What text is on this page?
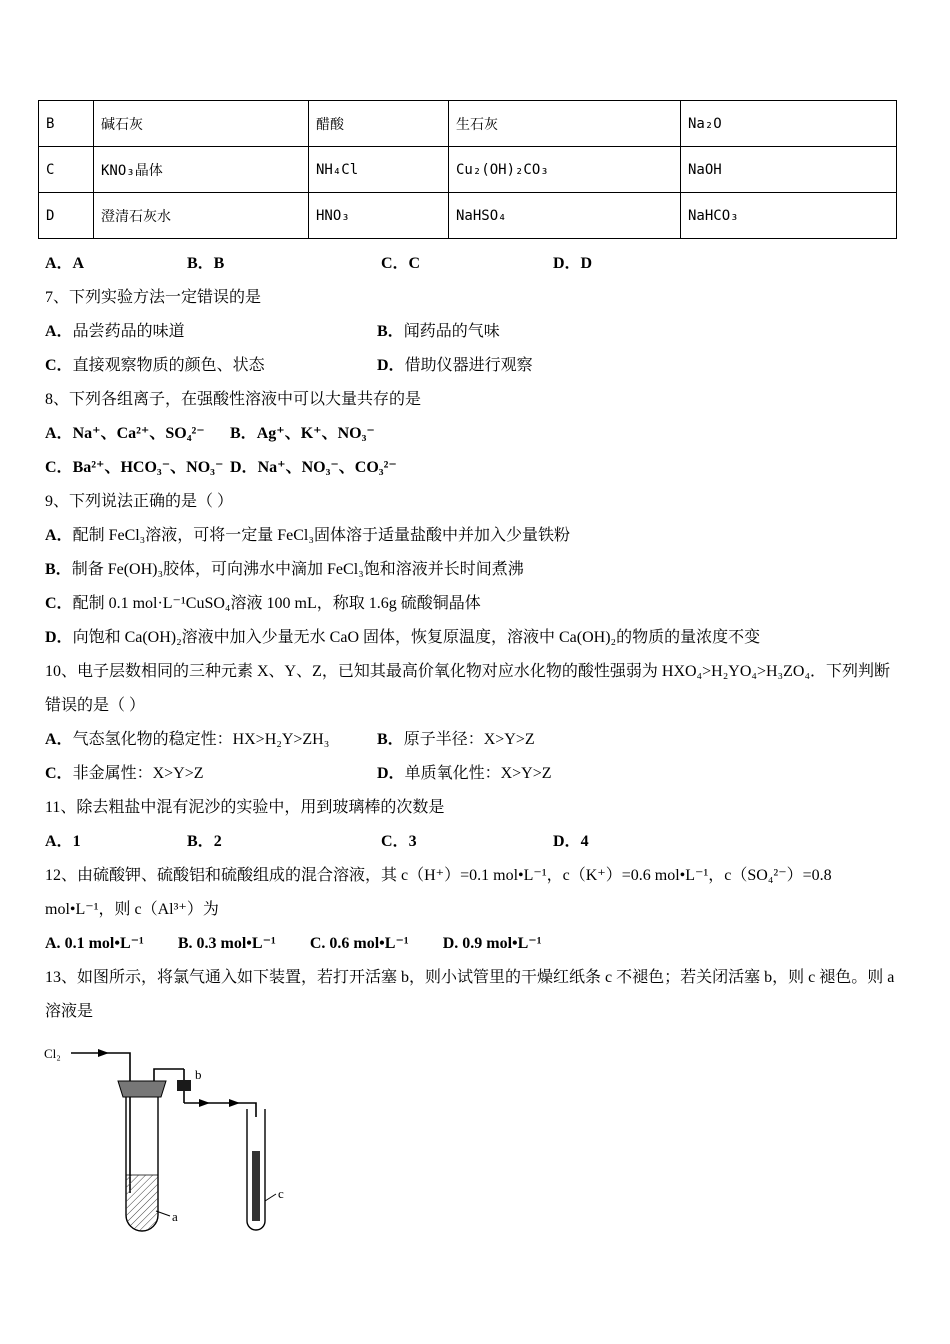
B	碱石灰	醋酸	生石灰	Na₂O
C	KNO₃晶体	NH₄Cl	Cu₂(OH)₂CO₃	NaOH
D	澄清石灰水	HNO₃	NaHSO₄	NaHCO₃
A．A	B．B	C．C	D．D
7、下列实验方法一定错误的是
A．品尝药品的味道	B．闻药品的气味
C．直接观察物质的颜色、状态	D．借助仪器进行观察
8、下列各组离子，在强酸性溶液中可以大量共存的是
A．Na⁺、Ca²⁺、SO₄²⁻ B．Ag⁺、K⁺、NO₃⁻
C．Ba²⁺、HCO₃⁻、NO₃⁻ D．Na⁺、NO₃⁻、CO₃²⁻
9、下列说法正确的是（ ）
A．配制 FeCl₃溶液，可将一定量 FeCl₃固体溶于适量盐酸中并加入少量铁粉
B．制备 Fe(OH)₃胶体，可向沸水中滴加 FeCl₃饱和溶液并长时间煮沸
C．配制 0.1 mol·L⁻¹CuSO₄溶液 100 mL，称取 1.6g 硫酸铜晶体
D．向饱和 Ca(OH)₂溶液中加入少量无水 CaO 固体，恢复原温度，溶液中 Ca(OH)₂的物质的量浓度不变
10、电子层数相同的三种元素 X、Y、Z，已知其最高价氧化物对应水化物的酸性强弱为 HXO₄>H₂YO₄>H₃ZO₄．下列判断错误的是（ ）
A．气态氢化物的稳定性：HX>H₂Y>ZH₃	B．原子半径：X>Y>Z
C．非金属性：X>Y>Z	D．单质氧化性：X>Y>Z
11、除去粗盐中混有泥沙的实验中，用到玻璃棒的次数是
A．1	B．2	C．3	D．4
12、由硫酸钾、硫酸铝和硫酸组成的混合溶液，其 c（H⁺）=0.1 mol•L⁻¹，c（K⁺）=0.6 mol•L⁻¹，c（SO₄²⁻）=0.8 mol•L⁻¹，则 c（Al³⁺）为
A. 0.1 mol•L⁻¹ B. 0.3 mol•L⁻¹ C. 0.6 mol•L⁻¹ D. 0.9 mol•L⁻¹
13、如图所示，将氯气通入如下装置，若打开活塞 b，则小试管里的干燥红纸条 c 不褪色；若关闭活塞 b，则 c 褪色。则 a 溶液是
Cl₂
b
a
c
